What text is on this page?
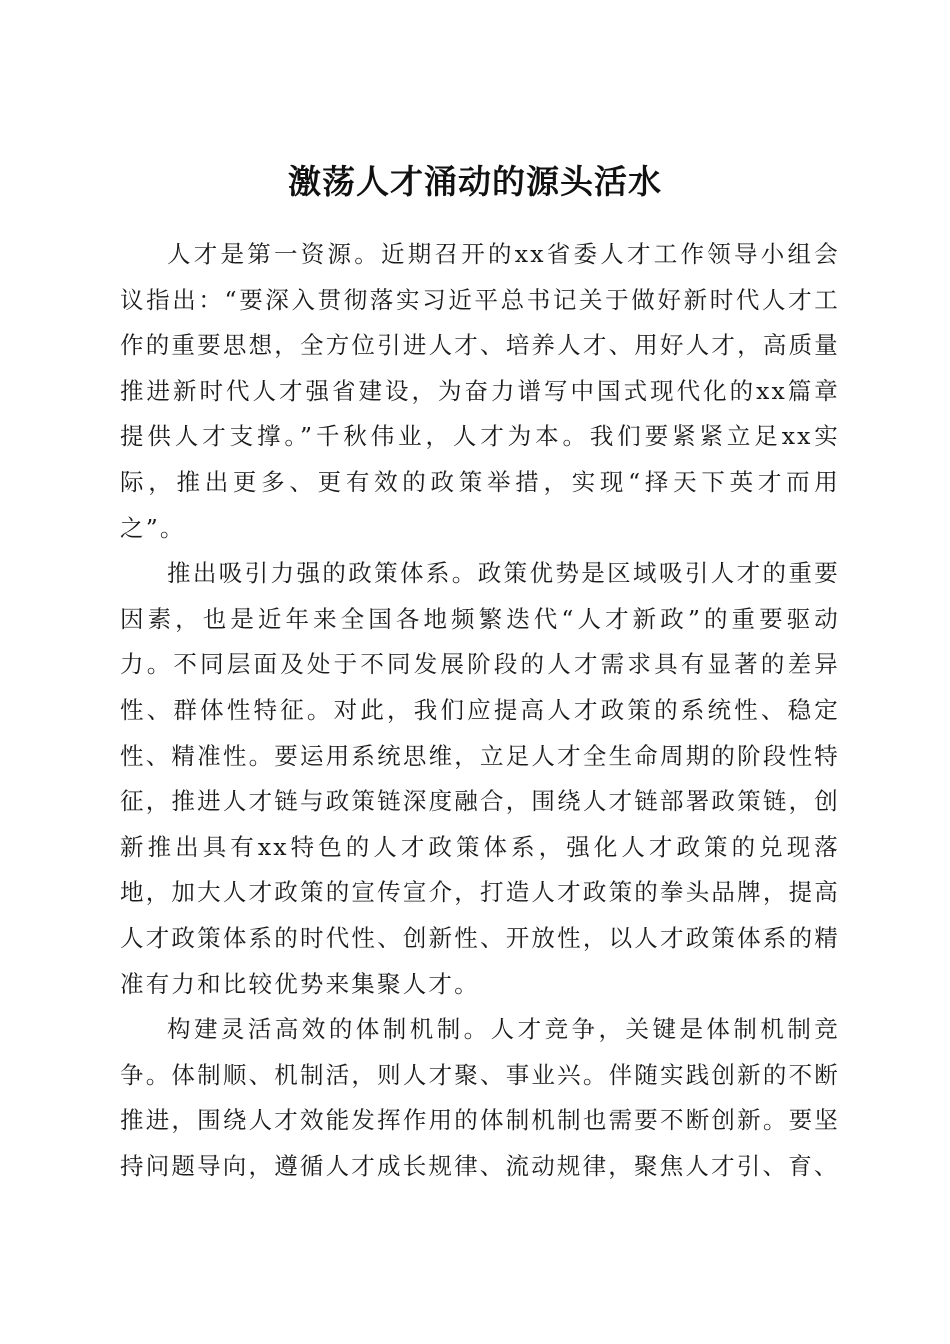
激荡人才涌动的源头活水

人才是第一资源。近期召开的xx省委人才工作领导小组会议指出：“要深入贯彻落实习近平总书记关于做好新时代人才工作的重要思想，全方位引进人才、培养人才、用好人才，高质量推进新时代人才强省建设，为奋力谱写中国式现代化的xx篇章提供人才支撑。”千秋伟业，人才为本。我们要紧紧立足xx实际，推出更多、更有效的政策举措，实现“择天下英才而用之”。

推出吸引力强的政策体系。政策优势是区域吸引人才的重要因素，也是近年来全国各地频繁迭代“人才新政”的重要驱动力。不同层面及处于不同发展阶段的人才需求具有显著的差异性、群体性特征。对此，我们应提高人才政策的系统性、稳定性、精准性。要运用系统思维，立足人才全生命周期的阶段性特征，推进人才链与政策链深度融合，围绕人才链部署政策链，创新推出具有xx特色的人才政策体系，强化人才政策的兑现落地，加大人才政策的宣传宣介，打造人才政策的拳头品牌，提高人才政策体系的时代性、创新性、开放性，以人才政策体系的精准有力和比较优势来集聚人才。

构建灵活高效的体制机制。人才竞争，关键是体制机制竞争。体制顺、机制活，则人才聚、事业兴。伴随实践创新的不断推进，围绕人才效能发挥作用的体制机制也需要不断创新。要坚持问题导向，遵循人才成长规律、流动规律，聚焦人才引、育、
